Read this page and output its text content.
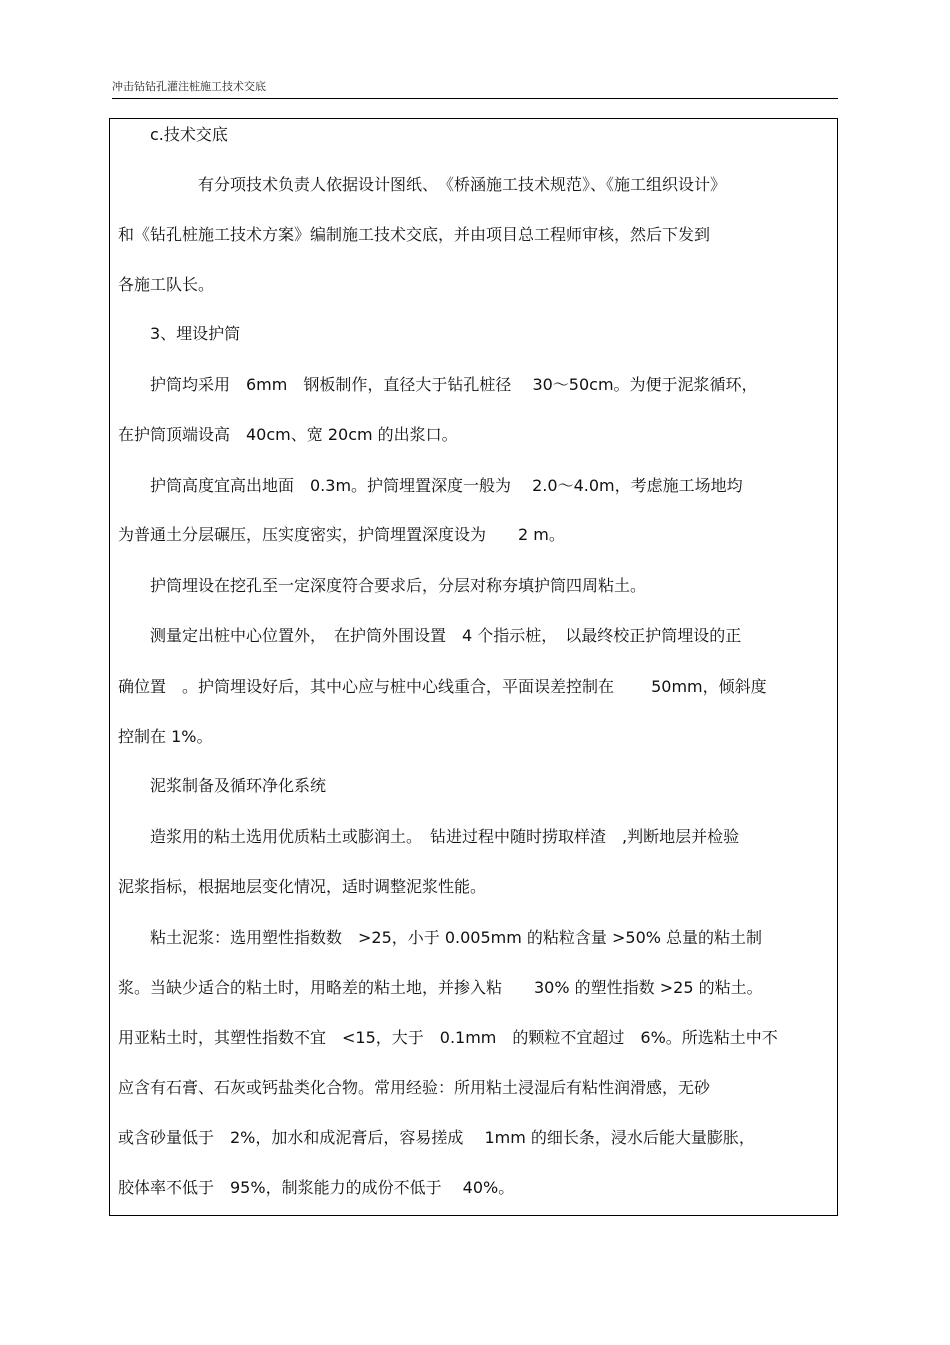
冲击钻钻孔灌注桩施工技术交底
　　c.技术交底
　　　　　有分项技术负责人依据设计图纸、　《桥涵施工技术规范》、《施工组织设计》
和《钻孔桩施工技术方案》编制施工技术交底，并由项目总工程师审核，然后下发到
各施工队长。
　　3、埋设护筒
　　护筒均采用　6mm　钢板制作，直径大于钻孔桩径　 30～50cm。为便于泥浆循环，
在护筒顶端设高　40cm、宽 20cm 的出浆口。
　　护筒高度宜高出地面　0.3m。护筒埋置深度一般为　 2.0～4.0m，考虑施工场地均
为普通土分层碾压，压实度密实，护筒埋置深度设为　　2 m。
　　护筒埋设在挖孔至一定深度符合要求后，分层对称夯填护筒四周粘土。
　　测量定出桩中心位置外，　在护筒外围设置　4 个指示桩，　以最终校正护筒埋设的正
确位置　。护筒埋设好后，其中心应与桩中心线重合，平面误差控制在　　 50mm，倾斜度
控制在 1%。
　　泥浆制备及循环净化系统
　　造浆用的粘土选用优质粘土或膨润土。　钻进过程中随时捞取样渣　,判断地层并检验
泥浆指标，根据地层变化情况，适时调整泥浆性能。
　　粘土泥浆：选用塑性指数数　>25，小于 0.005mm 的粘粒含量 >50% 总量的粘土制
浆。当缺少适合的粘土时，用略差的粘土地，并掺入粘　　30% 的塑性指数 >25 的粘土。
用亚粘土时，其塑性指数不宜　<15，大于　0.1mm　的颗粒不宜超过　6%。所选粘土中不
应含有石膏、石灰或钙盐类化合物。常用经验：所用粘土浸湿后有粘性润滑感，无砂
或含砂量低于　2%，加水和成泥膏后，容易搓成　 1mm 的细长条，浸水后能大量膨胀，
胶体率不低于　95%，制浆能力的成份不低于　 40%。
